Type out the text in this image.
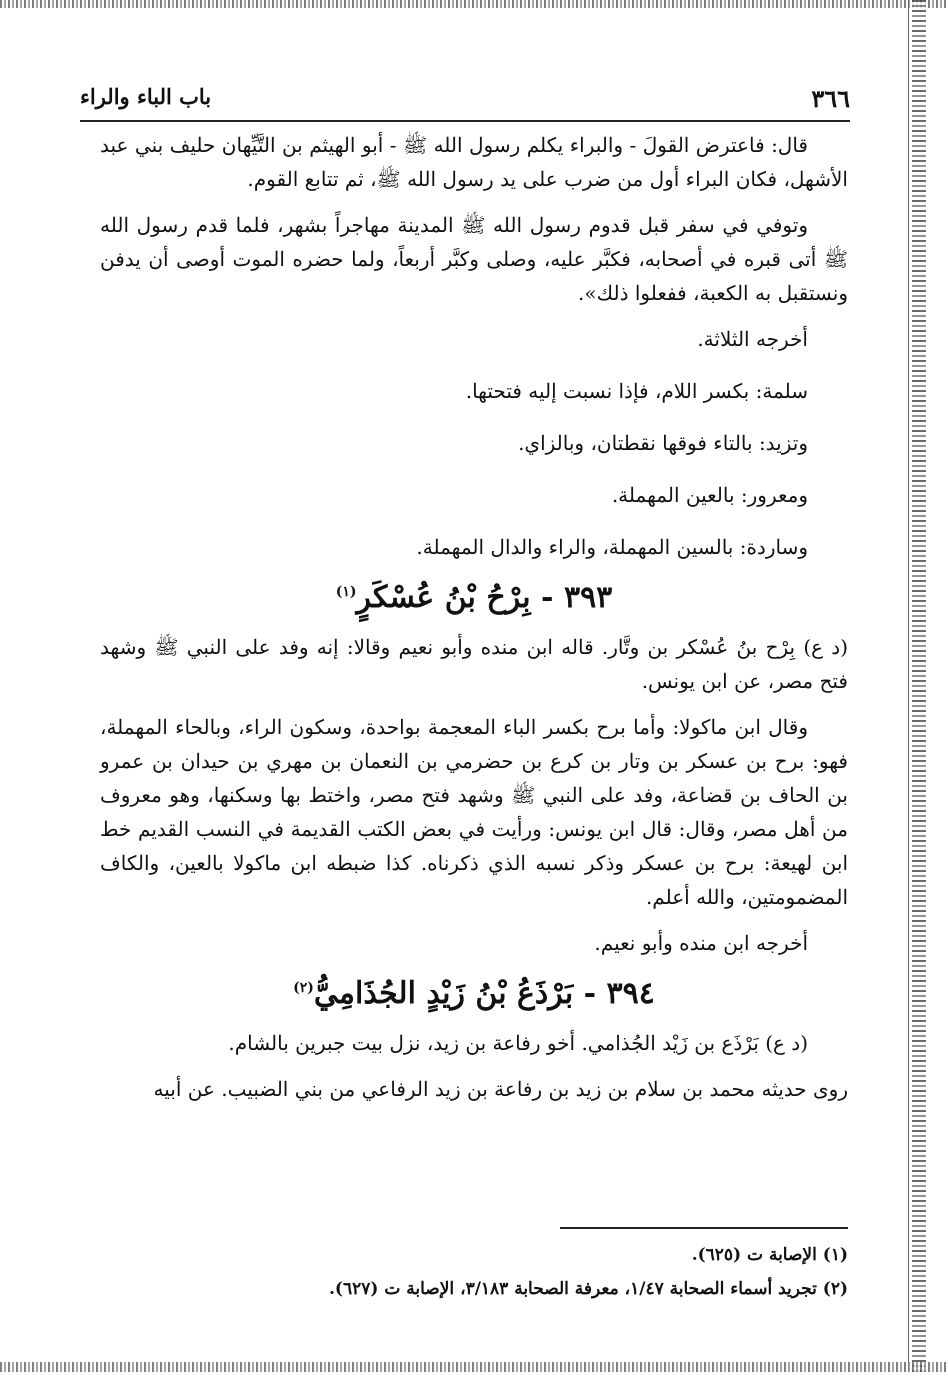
٣٦٦
باب الباء والراء

قال: فاعترض القولَ - والبراء يكلم رسول الله ﷺ - أبو الهيثم بن التَّيِّهان حليف بني عبد الأشهل، فكان البراء أول من ضرب على يد رسول الله ﷺ، ثم تتابع القوم.

وتوفي في سفر قبل قدوم رسول الله ﷺ المدينة مهاجراً بشهر، فلما قدم رسول الله ﷺ أتى قبره في أصحابه، فكبَّر عليه، وصلى وكبَّر أربعاً، ولما حضره الموت أوصى أن يدفن ونستقبل به الكعبة، ففعلوا ذلك».

أخرجه الثلاثة.

سلمة: بكسر اللام، فإذا نسبت إليه فتحتها.

وتزيد: بالتاء فوقها نقطتان، وبالزاي.

ومعرور: بالعين المهملة.

وساردة: بالسين المهملة، والراء والدال المهملة.

٣٩٣ - بِرْحُ بْنُ عُسْكَرٍ$^{(١)}$

(د ع) بِرْح بنُ عُسْكر بن وتَّار. قاله ابن منده وأبو نعيم وقالا: إنه وفد على النبي ﷺ وشهد فتح مصر، عن ابن يونس.

وقال ابن ماكولا: وأما برح بكسر الباء المعجمة بواحدة، وسكون الراء، وبالحاء المهملة، فهو: برح بن عسكر بن وتار بن كرع بن حضرمي بن النعمان بن مهري بن حيدان بن عمرو بن الحاف بن قضاعة، وفد على النبي ﷺ وشهد فتح مصر، واختط بها وسكنها، وهو معروف من أهل مصر، وقال: قال ابن يونس: ورأيت في بعض الكتب القديمة في النسب القديم خط ابن لهيعة: برح بن عسكر وذكر نسبه الذي ذكرناه. كذا ضبطه ابن ماكولا بالعين، والكاف المضمومتين، والله أعلم.

أخرجه ابن منده وأبو نعيم.

٣٩٤ - بَرْذَعُ بْنُ زَيْدٍ الجُذَامِيُّ$^{(٢)}$

(د ع) بَرْذَع بن زَيْد الجُذامي. أخو رفاعة بن زيد، نزل بيت جبرين بالشام.

روى حديثه محمد بن سلام بن زيد بن رفاعة بن زيد الرفاعي من بني الضبيب. عن أبيه

(١) الإصابة ت (٦٢٥).
(٢) تجريد أسماء الصحابة ١/٤٧، معرفة الصحابة ٣/١٨٣، الإصابة ت (٦٢٧).
